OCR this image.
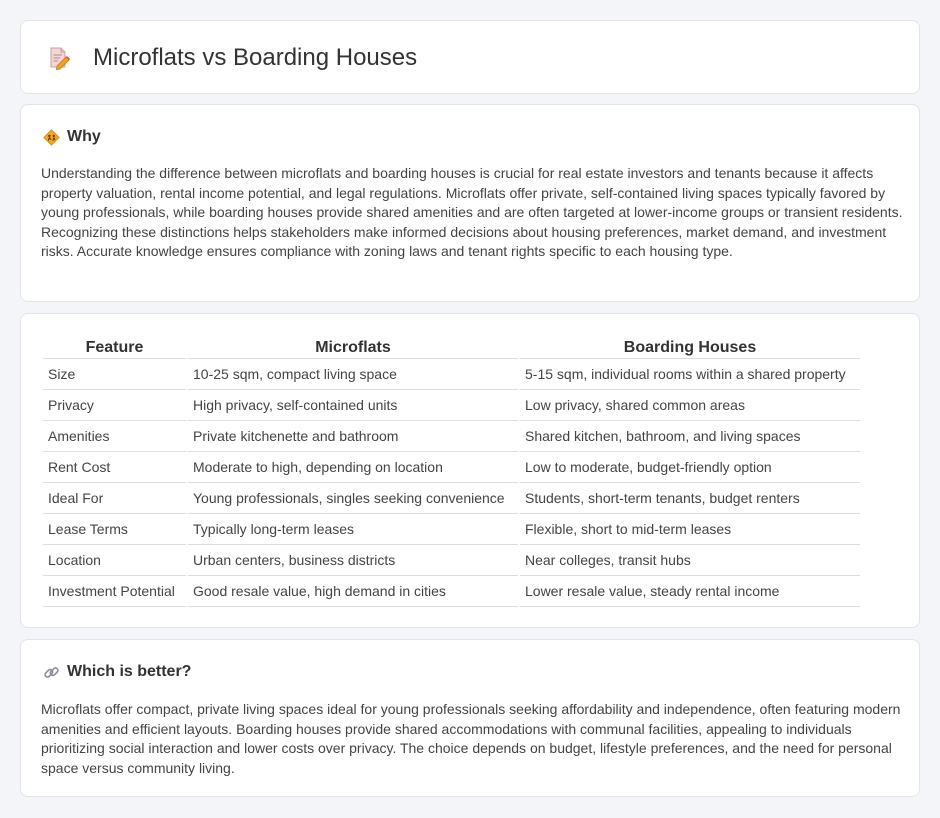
Microflats vs Boarding Houses
Why

Understanding the difference between microflats and boarding houses is crucial for real estate investors and tenants because it affects property valuation, rental income potential, and legal regulations. Microflats offer private, self-contained living spaces typically favored by young professionals, while boarding houses provide shared amenities and are often targeted at lower-income groups or transient residents. Recognizing these distinctions helps stakeholders make informed decisions about housing preferences, market demand, and investment risks. Accurate knowledge ensures compliance with zoning laws and tenant rights specific to each housing type.

Feature	Microflats	Boarding Houses
Size	10-25 sqm, compact living space	5-15 sqm, individual rooms within a shared property
Privacy	High privacy, self-contained units	Low privacy, shared common areas
Amenities	Private kitchenette and bathroom	Shared kitchen, bathroom, and living spaces
Rent Cost	Moderate to high, depending on location	Low to moderate, budget-friendly option
Ideal For	Young professionals, singles seeking convenience	Students, short-term tenants, budget renters
Lease Terms	Typically long-term leases	Flexible, short to mid-term leases
Location	Urban centers, business districts	Near colleges, transit hubs
Investment Potential	Good resale value, high demand in cities	Lower resale value, steady rental income
Which is better?

Microflats offer compact, private living spaces ideal for young professionals seeking affordability and independence, often featuring modern amenities and efficient layouts. Boarding houses provide shared accommodations with communal facilities, appealing to individuals prioritizing social interaction and lower costs over privacy. The choice depends on budget, lifestyle preferences, and the need for personal space versus community living.
